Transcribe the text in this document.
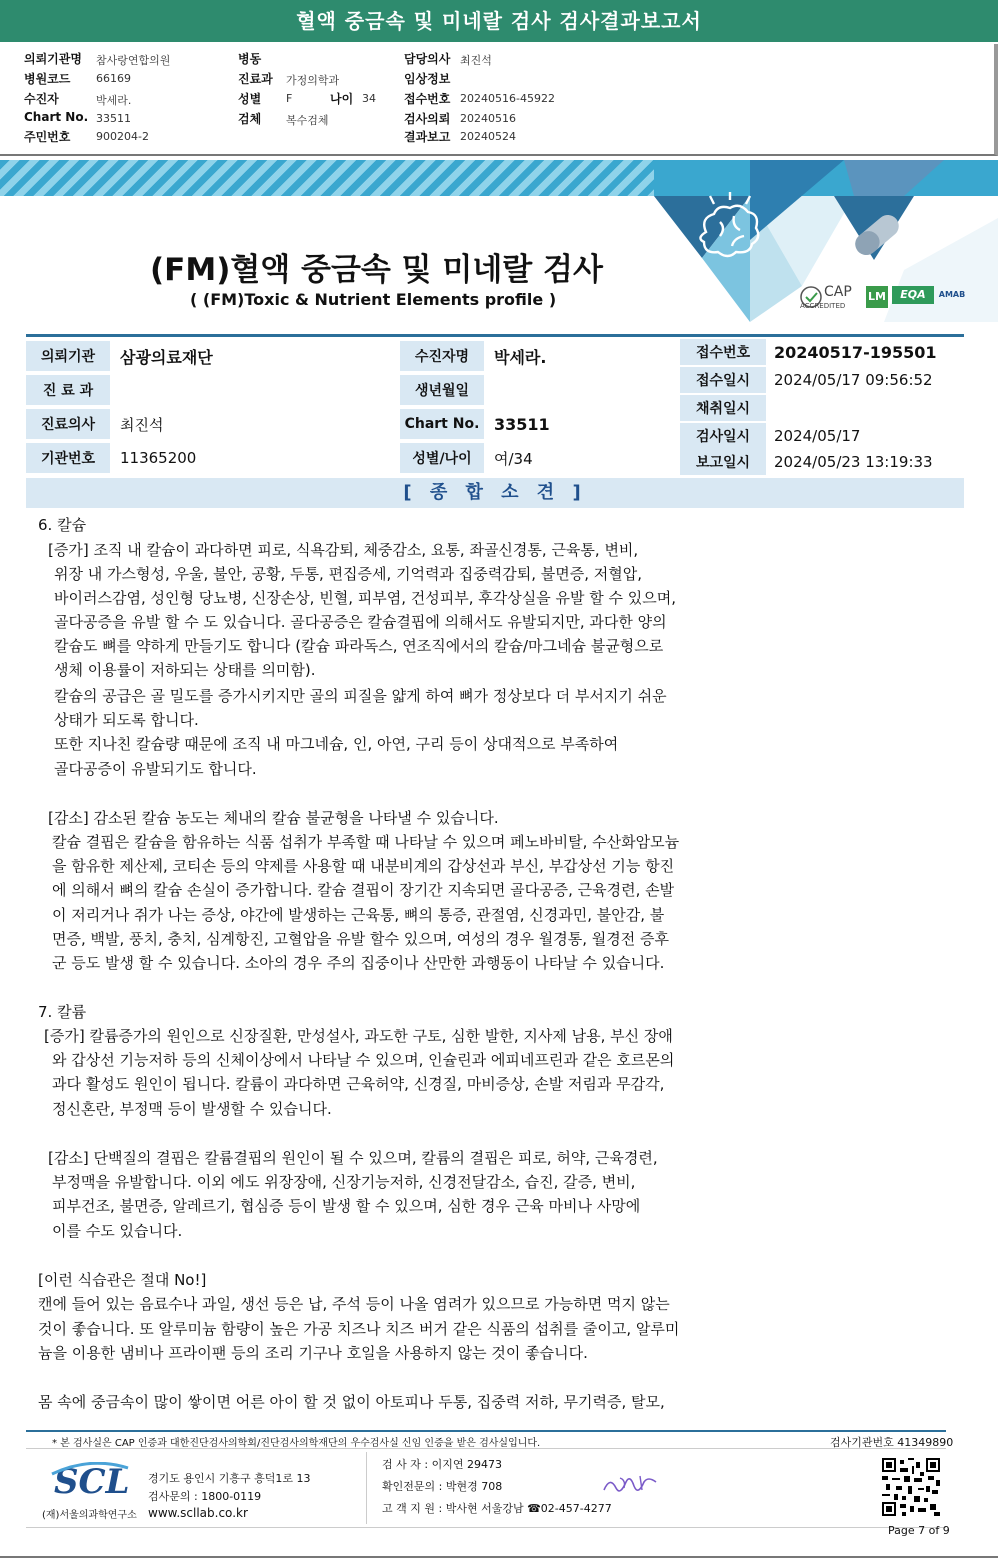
혈액 중금속 및 미네랄 검사 검사결과보고서
의뢰기관명 참사랑연합의원
병원코드 66169
수진자	박세라.
Chart No. 33511
주민번호 900204-2
병동
진료과 가정의학과
성별 F	나이 34
검체 복수검체
담당의사 최진석
임상정보
접수번호 20240516-45922
검사의뢰 20240516
결과보고 20240524
(FM)혈액 중금속 및 미네랄 검사
( (FM)Toxic & Nutrient Elements profile )	CAP
ACCREDITED
LM	EQA	AMAB
의뢰기관	삼광의료재단
진 료 과
진료의사	최진석
기관번호	11365200
수진자명	박세라.
생년월일
Chart No. 33511
성별/나이	여/34
접수번호	20240517-195501
접수일시	2024/05/17 09:56:52
채취일시
검사일시	2024/05/17
보고일시	2024/05/23 13:19:33
[ 종 합 소 견 ]
6. 칼슘
[증가] 조직 내 칼슘이 과다하면 피로, 식욕감퇴, 체중감소, 요통, 좌골신경통, 근육통, 변비,
위장 내 가스형성, 우울, 불안, 공황, 두통, 편집증세, 기억력과 집중력감퇴, 불면증, 저혈압,
바이러스감염, 성인형 당뇨병, 신장손상, 빈혈, 피부염, 건성피부, 후각상실을 유발 할 수 있으며,
골다공증을 유발 할 수 도 있습니다. 골다공증은 칼슘결핍에 의해서도 유발되지만, 과다한 양의
칼슘도 뼈를 약하게 만들기도 합니다 (칼슘 파라독스, 연조직에서의 칼슘/마그네슘 불균형으로
생체 이용률이 저하되는 상태를 의미함).
칼슘의 공급은 골 밀도를 증가시키지만 골의 피질을 얇게 하여 뼈가 정상보다 더 부서지기 쉬운
상태가 되도록 합니다.
또한 지나친 칼슘량 때문에 조직 내 마그네슘, 인, 아연, 구리 등이 상대적으로 부족하여
골다공증이 유발되기도 합니다.
[감소] 감소된 칼슘 농도는 체내의 칼슘 불균형을 나타낼 수 있습니다.
칼슘 결핍은 칼슘을 함유하는 식품 섭취가 부족할 때 나타날 수 있으며 페노바비탈, 수산화암모늄
을 함유한 제산제, 코티손 등의 약제를 사용할 때 내분비계의 갑상선과 부신, 부갑상선 기능 항진
에 의해서 뼈의 칼슘 손실이 증가합니다. 칼슘 결핍이 장기간 지속되면 골다공증, 근육경련, 손발
이 저리거나 쥐가 나는 증상, 야간에 발생하는 근육통, 뼈의 통증, 관절염, 신경과민, 불안감, 불
면증, 백발, 풍치, 충치, 심계항진, 고혈압을 유발 할수 있으며, 여성의 경우 월경통, 월경전 증후
군 등도 발생 할 수 있습니다. 소아의 경우 주의 집중이나 산만한 과행동이 나타날 수 있습니다.
7. 칼륨
[증가] 칼륨증가의 원인으로 신장질환, 만성설사, 과도한 구토, 심한 발한, 지사제 남용, 부신 장애
와 갑상선 기능저하 등의 신체이상에서 나타날 수 있으며, 인슐린과 에피네프린과 같은 호르몬의
과다 활성도 원인이 됩니다. 칼륨이 과다하면 근육허약, 신경질, 마비증상, 손발 저림과 무감각,
정신혼란, 부정맥 등이 발생할 수 있습니다.
[감소] 단백질의 결핍은 칼륨결핍의 원인이 될 수 있으며, 칼륨의 결핍은 피로, 허약, 근육경련,
부정맥을 유발합니다. 이외 에도 위장장애, 신장기능저하, 신경전달감소, 습진, 갈증, 변비,
피부건조, 불면증, 알레르기, 협심증 등이 발생 할 수 있으며, 심한 경우 근육 마비나 사망에
이를 수도 있습니다.
[이런 식습관은 절대 No!]
캔에 들어 있는 음료수나 과일, 생선 등은 납, 주석 등이 나올 염려가 있으므로 가능하면 먹지 않는
것이 좋습니다. 또 알루미늄 함량이 높은 가공 치즈나 치즈 버거 같은 식품의 섭취를 줄이고, 알루미
늄을 이용한 냄비나 프라이팬 등의 조리 기구나 호일을 사용하지 않는 것이 좋습니다.
몸 속에 중금속이 많이 쌓이면 어른 아이 할 것 없이 아토피나 두통, 집중력 저하, 무기력증, 탈모,
* 본 검사실은 CAP 인증과 대한진단검사의학회/진단검사의학재단의 우수검사실 신임 인증을 받은 검사실입니다.	검사기관번호 41349890
SCL
(재)서울의과학연구소
경기도 용인시 기흥구 흥덕1로 13
검사문의 : 1800-0119
www.scllab.co.kr
검 사 자 : 이지연 29473
확인전문의 : 박현경 708
고 객 지 원 : 박사현 서울강남 ☎02-457-4277
Page 7 of 9
